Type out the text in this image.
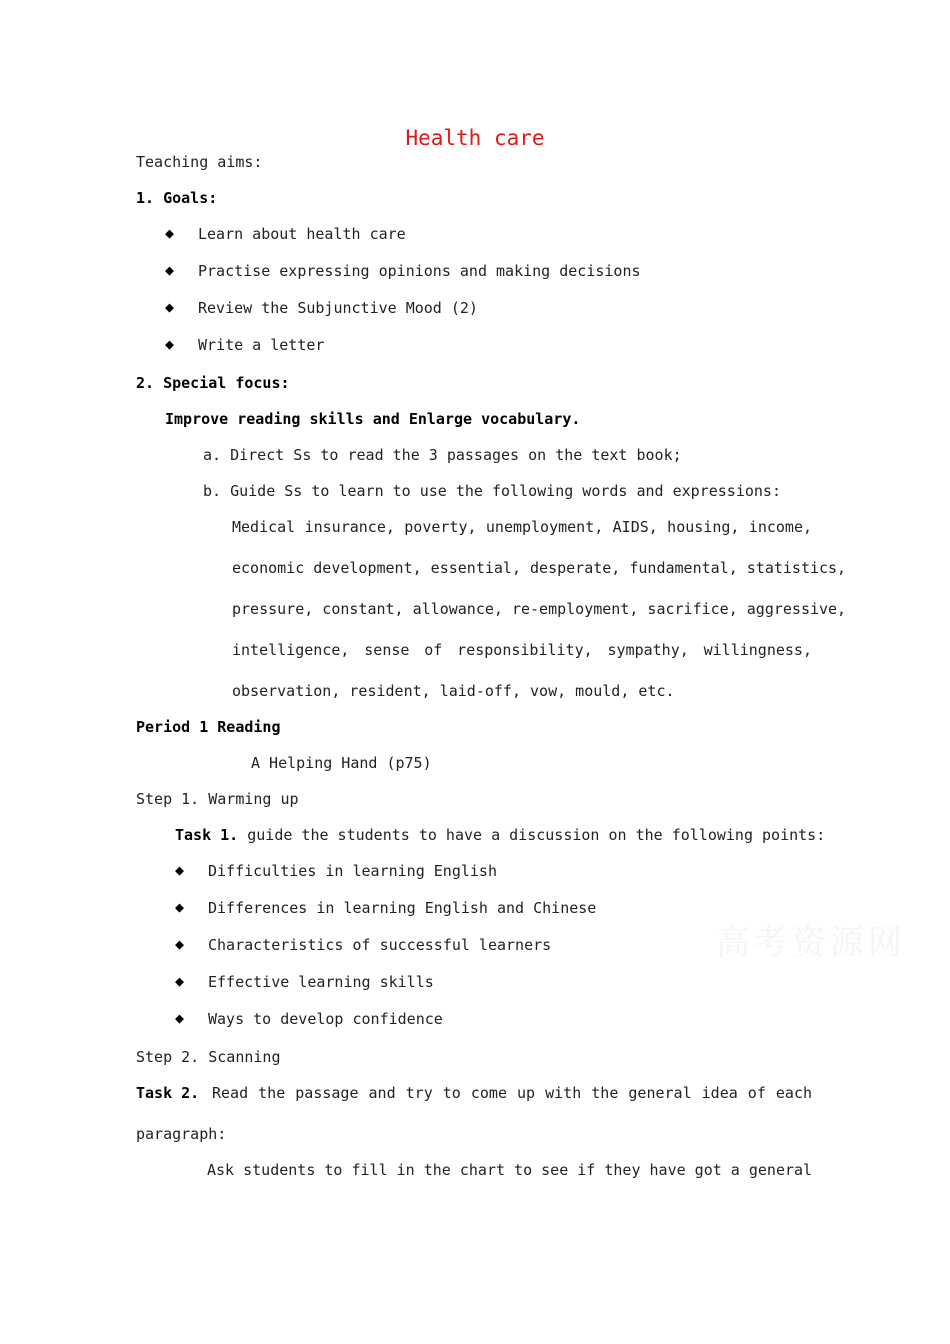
Health care
Teaching aims:
1. Goals:
◆ Learn about health care
◆ Practise expressing opinions and making decisions
◆ Review the Subjunctive Mood (2)
◆ Write a letter
2. Special focus:
Improve reading skills and Enlarge vocabulary.
a. Direct Ss to read the 3 passages on the text book;
b. Guide Ss to learn to use the following words and expressions:
Medical insurance, poverty, unemployment, AIDS, housing, income,
economic development, essential, desperate, fundamental, statistics,
pressure, constant, allowance, re-employment, sacrifice, aggressive,
intelligence, sense of responsibility, sympathy, willingness,
observation, resident, laid-off, vow, mould, etc.
Period 1 Reading
A Helping Hand (p75)
Step 1. Warming up
Task 1. guide the students to have a discussion on the following points:
◆ Difficulties in learning English
◆ Differences in learning English and Chinese
◆ Characteristics of successful learners
◆ Effective learning skills
◆ Ways to develop confidence
Step 2. Scanning
Task 2. Read the passage and try to come up with the general idea of each
paragraph:
Ask students to fill in the chart to see if they have got a general
高考资源网
